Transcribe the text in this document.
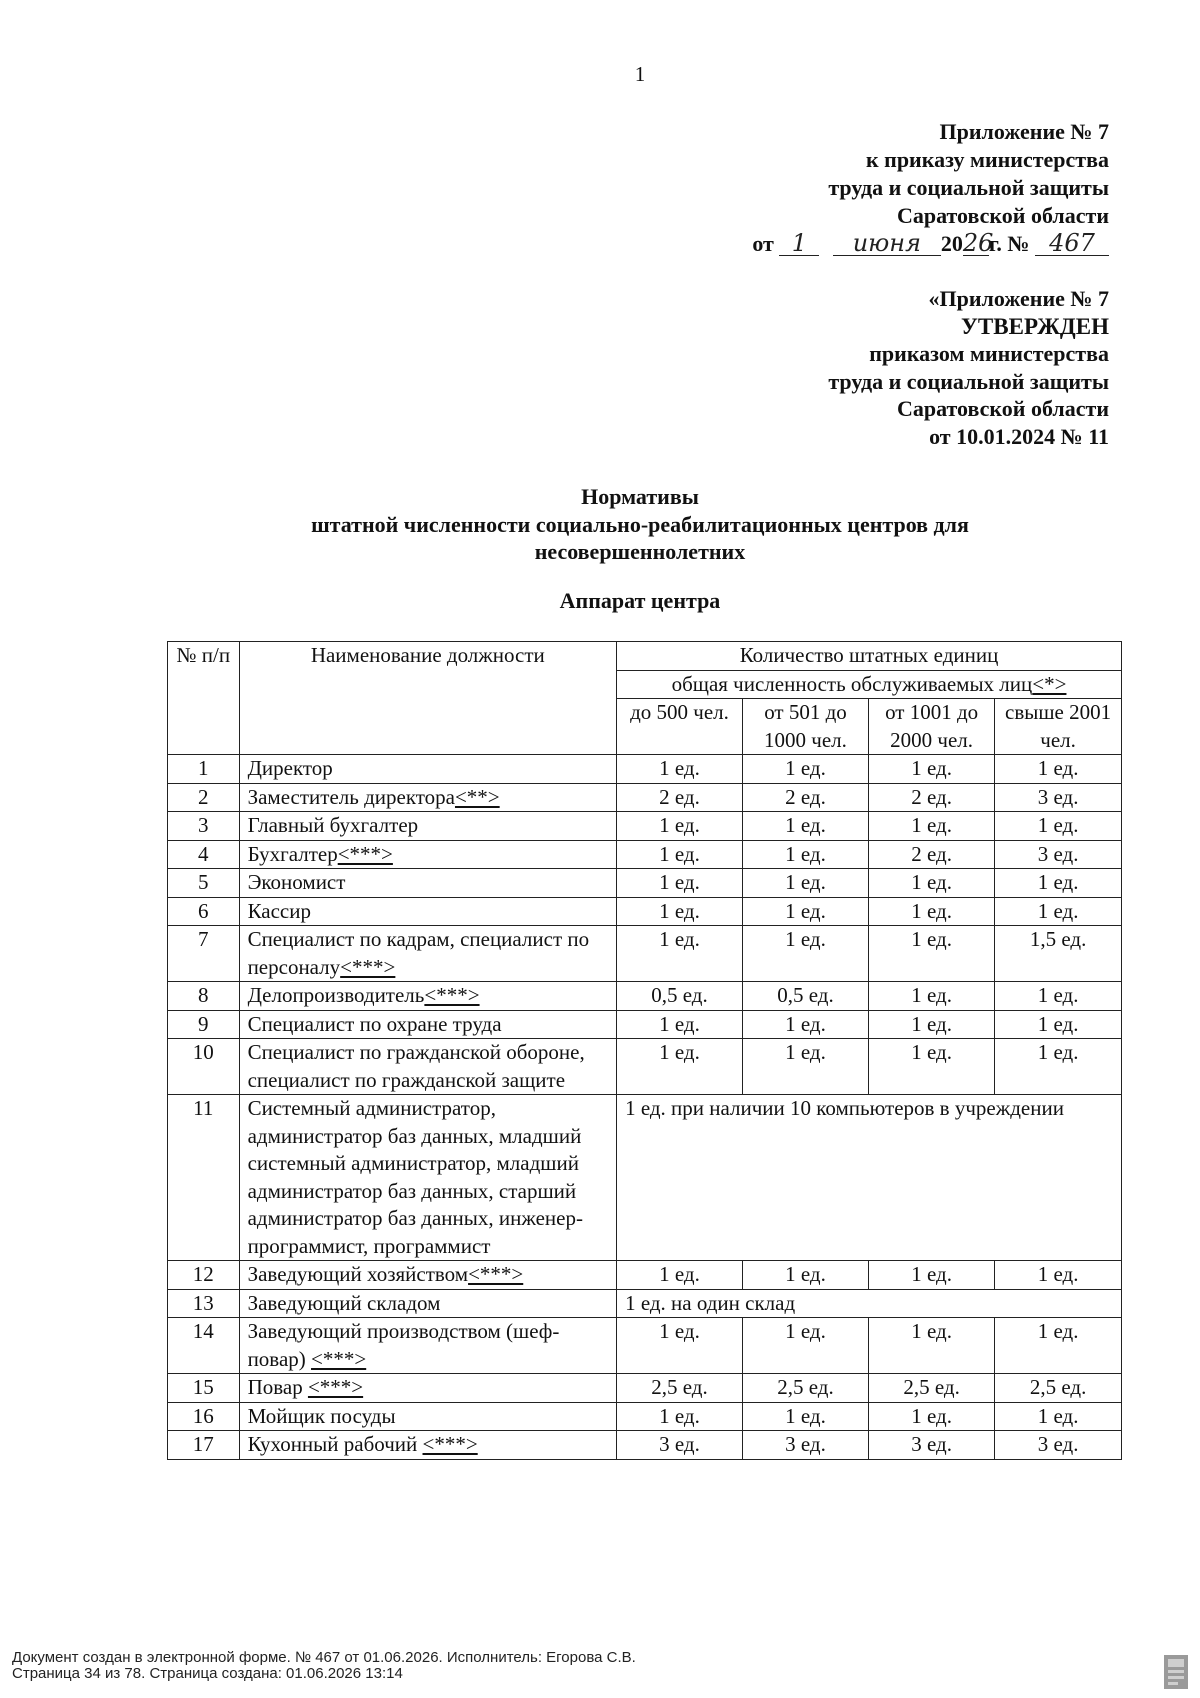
1
Приложение № 7
к приказу министерства
труда и социальной защиты
Саратовской области
от 1 июня 2026г. № 467
«Приложение № 7
УТВЕРЖДЕН
приказом министерства
труда и социальной защиты
Саратовской области
от 10.01.2024 № 11
Нормативы
штатной численности социально-реабилитационных центров для
несовершеннолетних
Аппарат центра
№ п/п	Наименование должности	Количество штатных единиц			
		общая численность обслуживаемых лиц<*>			
		до 500 чел.	от 501 до 1000 чел.	от 1001 до 2000 чел.	свыше 2001 чел.
1	Директор	1 ед.	1 ед.	1 ед.	1 ед.
2	Заместитель директора<**>	2 ед.	2 ед.	2 ед.	3 ед.
3	Главный бухгалтер	1 ед.	1 ед.	1 ед.	1 ед.
4	Бухгалтер<***>	1 ед.	1 ед.	2 ед.	3 ед.
5	Экономист	1 ед.	1 ед.	1 ед.	1 ед.
6	Кассир	1 ед.	1 ед.	1 ед.	1 ед.
7	Специалист по кадрам, специалист по персоналу<***>	1 ед.	1 ед.	1 ед.	1,5 ед.
8	Делопроизводитель<***>	0,5 ед.	0,5 ед.	1 ед.	1 ед.
9	Специалист по охране труда	1 ед.	1 ед.	1 ед.	1 ед.
10	Специалист по гражданской обороне, специалист по гражданской защите	1 ед.	1 ед.	1 ед.	1 ед.
11	Системный администратор, администратор баз данных, младший системный администратор, младший администратор баз данных, старший администратор баз данных, инженер-программист, программист	1 ед. при наличии 10 компьютеров в учреждении			
12	Заведующий хозяйством<***>	1 ед.	1 ед.	1 ед.	1 ед.
13	Заведующий складом	1 ед. на один склад			
14	Заведующий производством (шеф-повар) <***>	1 ед.	1 ед.	1 ед.	1 ед.
15	Повар <***>	2,5 ед.	2,5 ед.	2,5 ед.	2,5 ед.
16	Мойщик посуды	1 ед.	1 ед.	1 ед.	1 ед.
17	Кухонный рабочий <***>	3 ед.	3 ед.	3 ед.	3 ед.
Документ создан в электронной форме. № 467 от 01.06.2026. Исполнитель: Егорова С.В.
Страница 34 из 78. Страница создана: 01.06.2026 13:14
